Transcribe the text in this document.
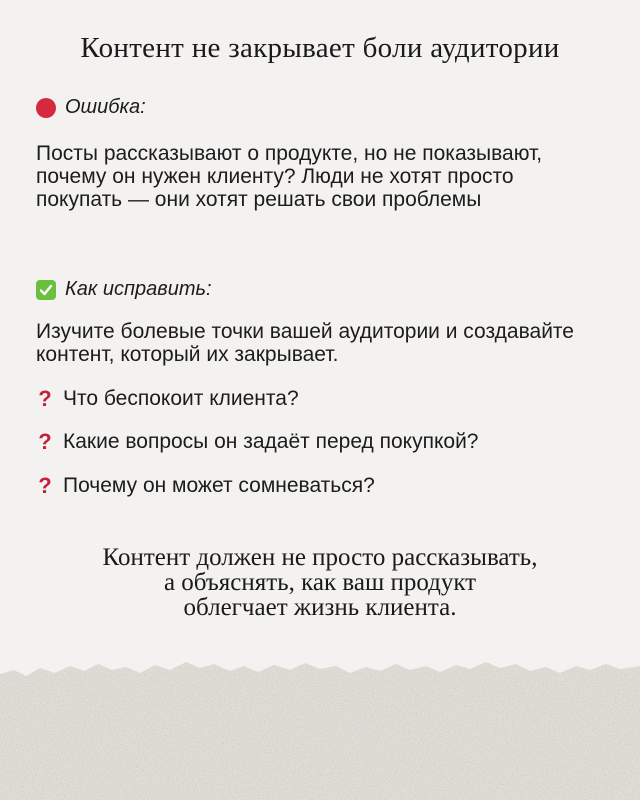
Контент не закрывает боли аудитории
Ошибка:
Посты рассказывают о продукте, но не показывают, почему он нужен клиенту? Люди не хотят просто покупать — они хотят решать свои проблемы
Как исправить:
Изучите болевые точки вашей аудитории и создавайте контент, который их закрывает.
? Что беспокоит клиента?
? Какие вопросы он задаёт перед покупкой?
? Почему он может сомневаться?
Контент должен не просто рассказывать,
а объяснять, как ваш продукт
облегчает жизнь клиента.
